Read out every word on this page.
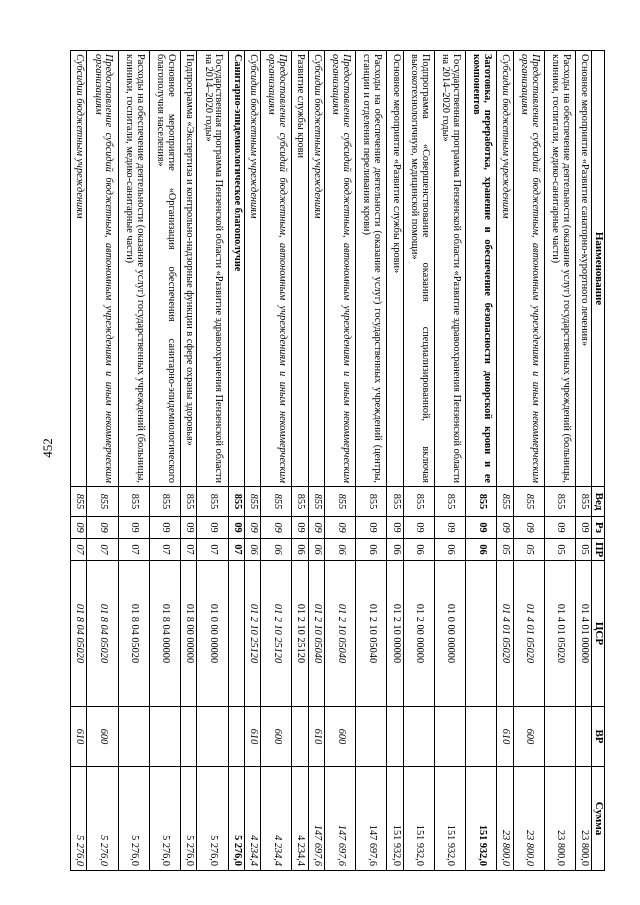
452
Наименование	Вед	Рз	ПР	ЦСР	ВР	Сумма
Основное мероприятие «Развитие санаторно-курортного лечения»	855	09	05	01 4 01 00000		23 800,0
Расходы на обеспечение деятельности (оказание услуг) государственных учреждений (больницы, клиники, госпитали, медико-санитарные части)	855	09	05	01 4 01 05020		23 800,0
Предоставление субсидий бюджетным, автономным учреждениям и иным некоммерческим организациям	855	09	05	01 4 01 05020	600	23 800,0
Субсидии бюджетным учреждениям	855	09	05	01 4 01 05020	610	23 800,0
Заготовка, переработка, хранение и обеспечение безопасности донорской крови и ее компонентов	855	09	06			151 932,0
Государственная программа Пензенской области «Развитие здравоохранения Пензенской области на 2014–2020 годы»	855	09	06	01 0 00 00000		151 932,0
Подпрограмма «Совершенствование оказания специализированной, включая высокотехнологичную, медицинской помощи»	855	09	06	01 2 00 00000		151 932,0
Основное мероприятие «Развитие службы крови»	855	09	06	01 2 10 00000		151 932,0
Расходы на обеспечение деятельности (оказание услуг) государственных учреждений (центры, станции и отделения переливания крови)	855	09	06	01 2 10 05040		147 697,6
Предоставление субсидий бюджетным, автономным учреждениям и иным некоммерческим организациям	855	09	06	01 2 10 05040	600	147 697,6
Субсидии бюджетным учреждениям	855	09	06	01 2 10 05040	610	147 697,6
Развитие службы крови	855	09	06	01 2 10 25120		4 234,4
Предоставление субсидий бюджетным, автономным учреждениям и иным некоммерческим организациям	855	09	06	01 2 10 25120	600	4 234,4
Субсидии бюджетным учреждениям	855	09	06	01 2 10 25120	610	4 234,4
Санитарно-эпидемиологическое благополучие	855	09	07			5 276,0
Государственная программа Пензенской области «Развитие здравоохранения Пензенской области на 2014–2020 годы»	855	09	07	01 0 00 00000		5 276,0
Подпрограмма «Экспертиза и контрольно-надзорные функции в сфере охраны здоровья»	855	09	07	01 8 00 00000		5 276,0
Основное мероприятие «Организация обеспечения санитарно-эпидемиологического благополучия населения»	855	09	07	01 8 04 00000		5 276,0
Расходы на обеспечение деятельности (оказание услуг) государственных учреждений (больницы, клиники, госпитали, медико-санитарные части)	855	09	07	01 8 04 05020		5 276,0
Предоставление субсидий бюджетным, автономным учреждениям и иным некоммерческим организациям	855	09	07	01 8 04 05020	600	5 276,0
Субсидии бюджетным учреждениям	855	09	07	01 8 04 05020	610	5 276,0
